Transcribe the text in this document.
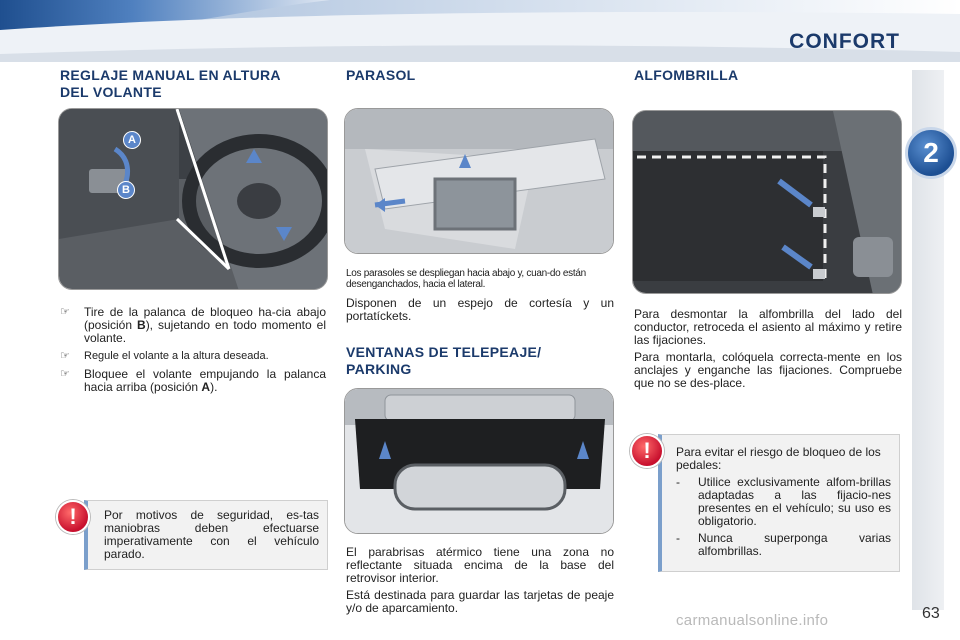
CONFORT
2
REGLAJE MANUAL EN ALTURA
DEL VOLANTE
A
B
☞ Tire de la palanca de bloqueo ha-cia abajo (posición B), sujetando en todo momento el volante.
☞ Regule el volante a la altura deseada.
☞ Bloquee el volante empujando la palanca hacia arriba (posición A).
Por motivos de seguridad, es-tas maniobras deben efectuarse imperativamente con el vehículo parado.
!
PARASOL
Los parasoles se despliegan hacia abajo y, cuan-do están desenganchados, hacia el lateral.
Disponen de un espejo de cortesía y un portatíckets.
VENTANAS DE TELEPEAJE/
PARKING

El parabrisas atérmico tiene una zona no reflectante situada encima de la base del retrovisor interior.

Está destinada para guardar las tarjetas de peaje y/o de aparcamiento.

ALFOMBRILLA

Para desmontar la alfombrilla del lado del conductor, retroceda el asiento al máximo y retire las fijaciones.

Para montarla, colóquela correcta-mente en los anclajes y enganche las fijaciones. Compruebe que no se des-place.

Para evitar el riesgo de bloqueo de los pedales:
- Utilice exclusivamente alfom-brillas adaptadas a las fijacio-nes presentes en el vehículo; su uso es obligatorio.
- Nunca superponga varias alfombrillas.
!
63
carmanualsonline.info
